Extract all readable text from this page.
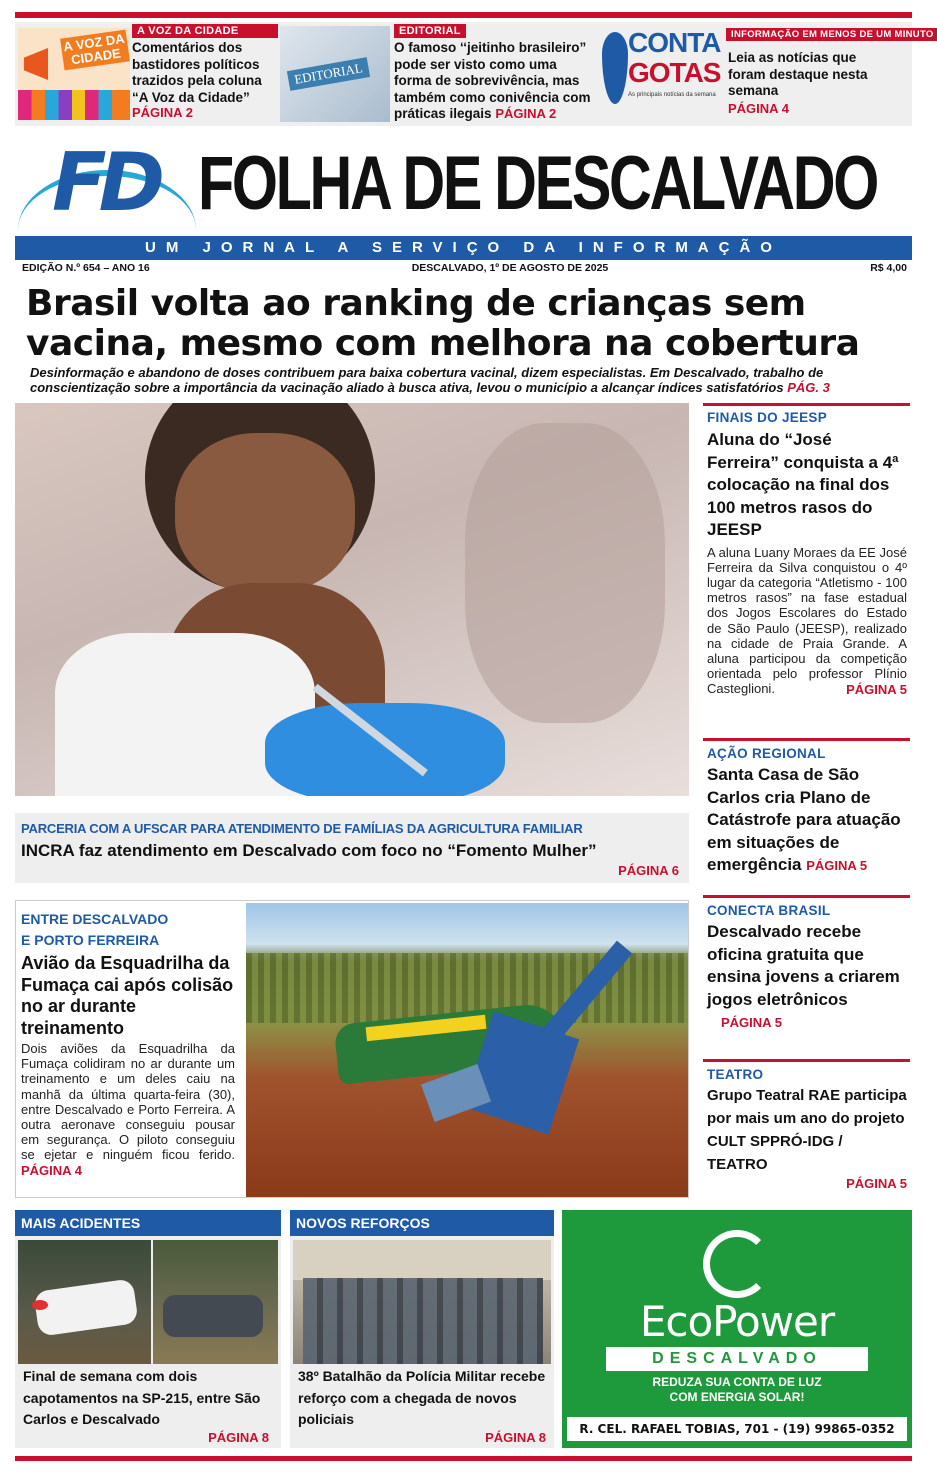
A VOZ DA CIDADE
A VOZ DA CIDADE
Comentários dos bastidores políticos trazidos pela coluna “A Voz da Cidade”
PÁGINA 2
EDITORIAL
EDITORIAL
O famoso ‘‘jeitinho brasileiro” pode ser visto como uma forma de sobrevivência, mas também como conivência com práticas ilegais PÁGINA 2
CONTA
GOTAS
As principais notícias da semana
INFORMAÇÃO EM MENOS DE UM MINUTO
Leia as notícias que foram destaque nesta semana
PÁGINA 4
FD FOLHA DE DESCALVADO
UM JORNAL A SERVIÇO DA INFORMAÇÃO
EDIÇÃO N.º 654 – ANO 16	DESCALVADO, 1º DE AGOSTO DE 2025	R$ 4,00
Brasil volta ao ranking de crianças sem vacina, mesmo com melhora na cobertura
Desinformação e abandono de doses contribuem para baixa cobertura vacinal, dizem especialistas. Em Descalvado, trabalho de conscientização sobre a importância da vacinação aliado à busca ativa, levou o município a alcançar índices satisfatórios PÁG. 3
PARCERIA COM A UFSCAR PARA ATENDIMENTO DE FAMÍLIAS DA AGRICULTURA FAMILIAR
INCRA faz atendimento em Descalvado com foco no “Fomento Mulher”
PÁGINA 6
FINAIS DO JEESP
Aluna do “José Ferreira” conquista a 4ª colocação na final dos 100 metros rasos do JEESP
A aluna Luany Moraes da EE José Ferreira da Silva conquistou o 4º lugar da categoria “Atletismo - 100 metros rasos” na fase estadual dos Jogos Escolares do Estado de São Paulo (JEESP), realizado na cidade de Praia Grande. A aluna participou da competição orientada pelo professor Plínio Casteglioni.	PÁGINA 5
AÇÃO REGIONAL
Santa Casa de São Carlos cria Plano de Catástrofe para atuação em situações de emergência PÁGINA 5
CONECTA BRASIL
Descalvado recebe oficina gratuita que ensina jovens a criarem jogos eletrônicos PÁGINA 5
TEATRO
Grupo Teatral RAE participa por mais um ano do projeto CULT SPPRÓ-IDG / TEATRO
PÁGINA 5
ENTRE DESCALVADO
E PORTO FERREIRA
Avião da Esquadrilha da Fumaça cai após colisão no ar durante treinamento
Dois aviões da Esquadrilha da Fumaça colidiram no ar durante um treinamento e um deles caiu na manhã da última quarta-feira (30), entre Descalvado e Porto Ferreira. A outra aeronave conseguiu pousar em segurança. O piloto conseguiu se ejetar e ninguém ficou ferido. PÁGINA 4
MAIS ACIDENTES
Final de semana com dois capotamentos na SP-215, entre São Carlos e Descalvado
PÁGINA 8
NOVOS REFORÇOS
38º Batalhão da Polícia Militar recebe reforço com a chegada de novos policiais
PÁGINA 8
EcoPower
DESCALVADO
REDUZA SUA CONTA DE LUZ
COM ENERGIA SOLAR!
R. CEL. RAFAEL TOBIAS, 701 - (19) 99865-0352
